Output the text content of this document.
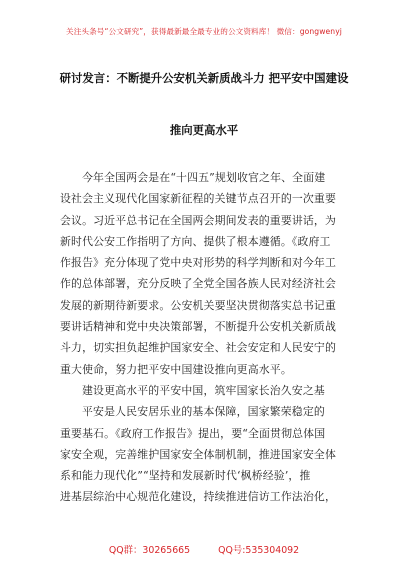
关注头条号“公文研究”，获得最新最全最专业的公文资料库！ 微信：gongwenyj
研讨发言：不断提升公安机关新质战斗力 把平安中国建设
推向更高水平
今年全国两会是在“十四五”规划收官之年、全面建
设社会主义现代化国家新征程的关键节点召开的一次重要
会议。习近平总书记在全国两会期间发表的重要讲话，为
新时代公安工作指明了方向、提供了根本遵循。《政府工
作报告》充分体现了党中央对形势的科学判断和对今年工
作的总体部署，充分反映了全党全国各族人民对经济社会
发展的新期待新要求。公安机关要坚决贯彻落实总书记重
要讲话精神和党中央决策部署，不断提升公安机关新质战
斗力，切实担负起维护国家安全、社会安定和人民安宁的
重大使命，努力把平安中国建设推向更高水平。
建设更高水平的平安中国，筑牢国家长治久安之基
平安是人民安居乐业的基本保障，国家繁荣稳定的
重要基石。《政府工作报告》提出，要“全面贯彻总体国
家安全观，完善维护国家安全体制机制，推进国家安全体
系和能力现代化”“坚持和发展新时代‘枫桥经验’，推
进基层综治中心规范化建设，持续推进信访工作法治化，
QQ群：30265665	QQ号:535304092
